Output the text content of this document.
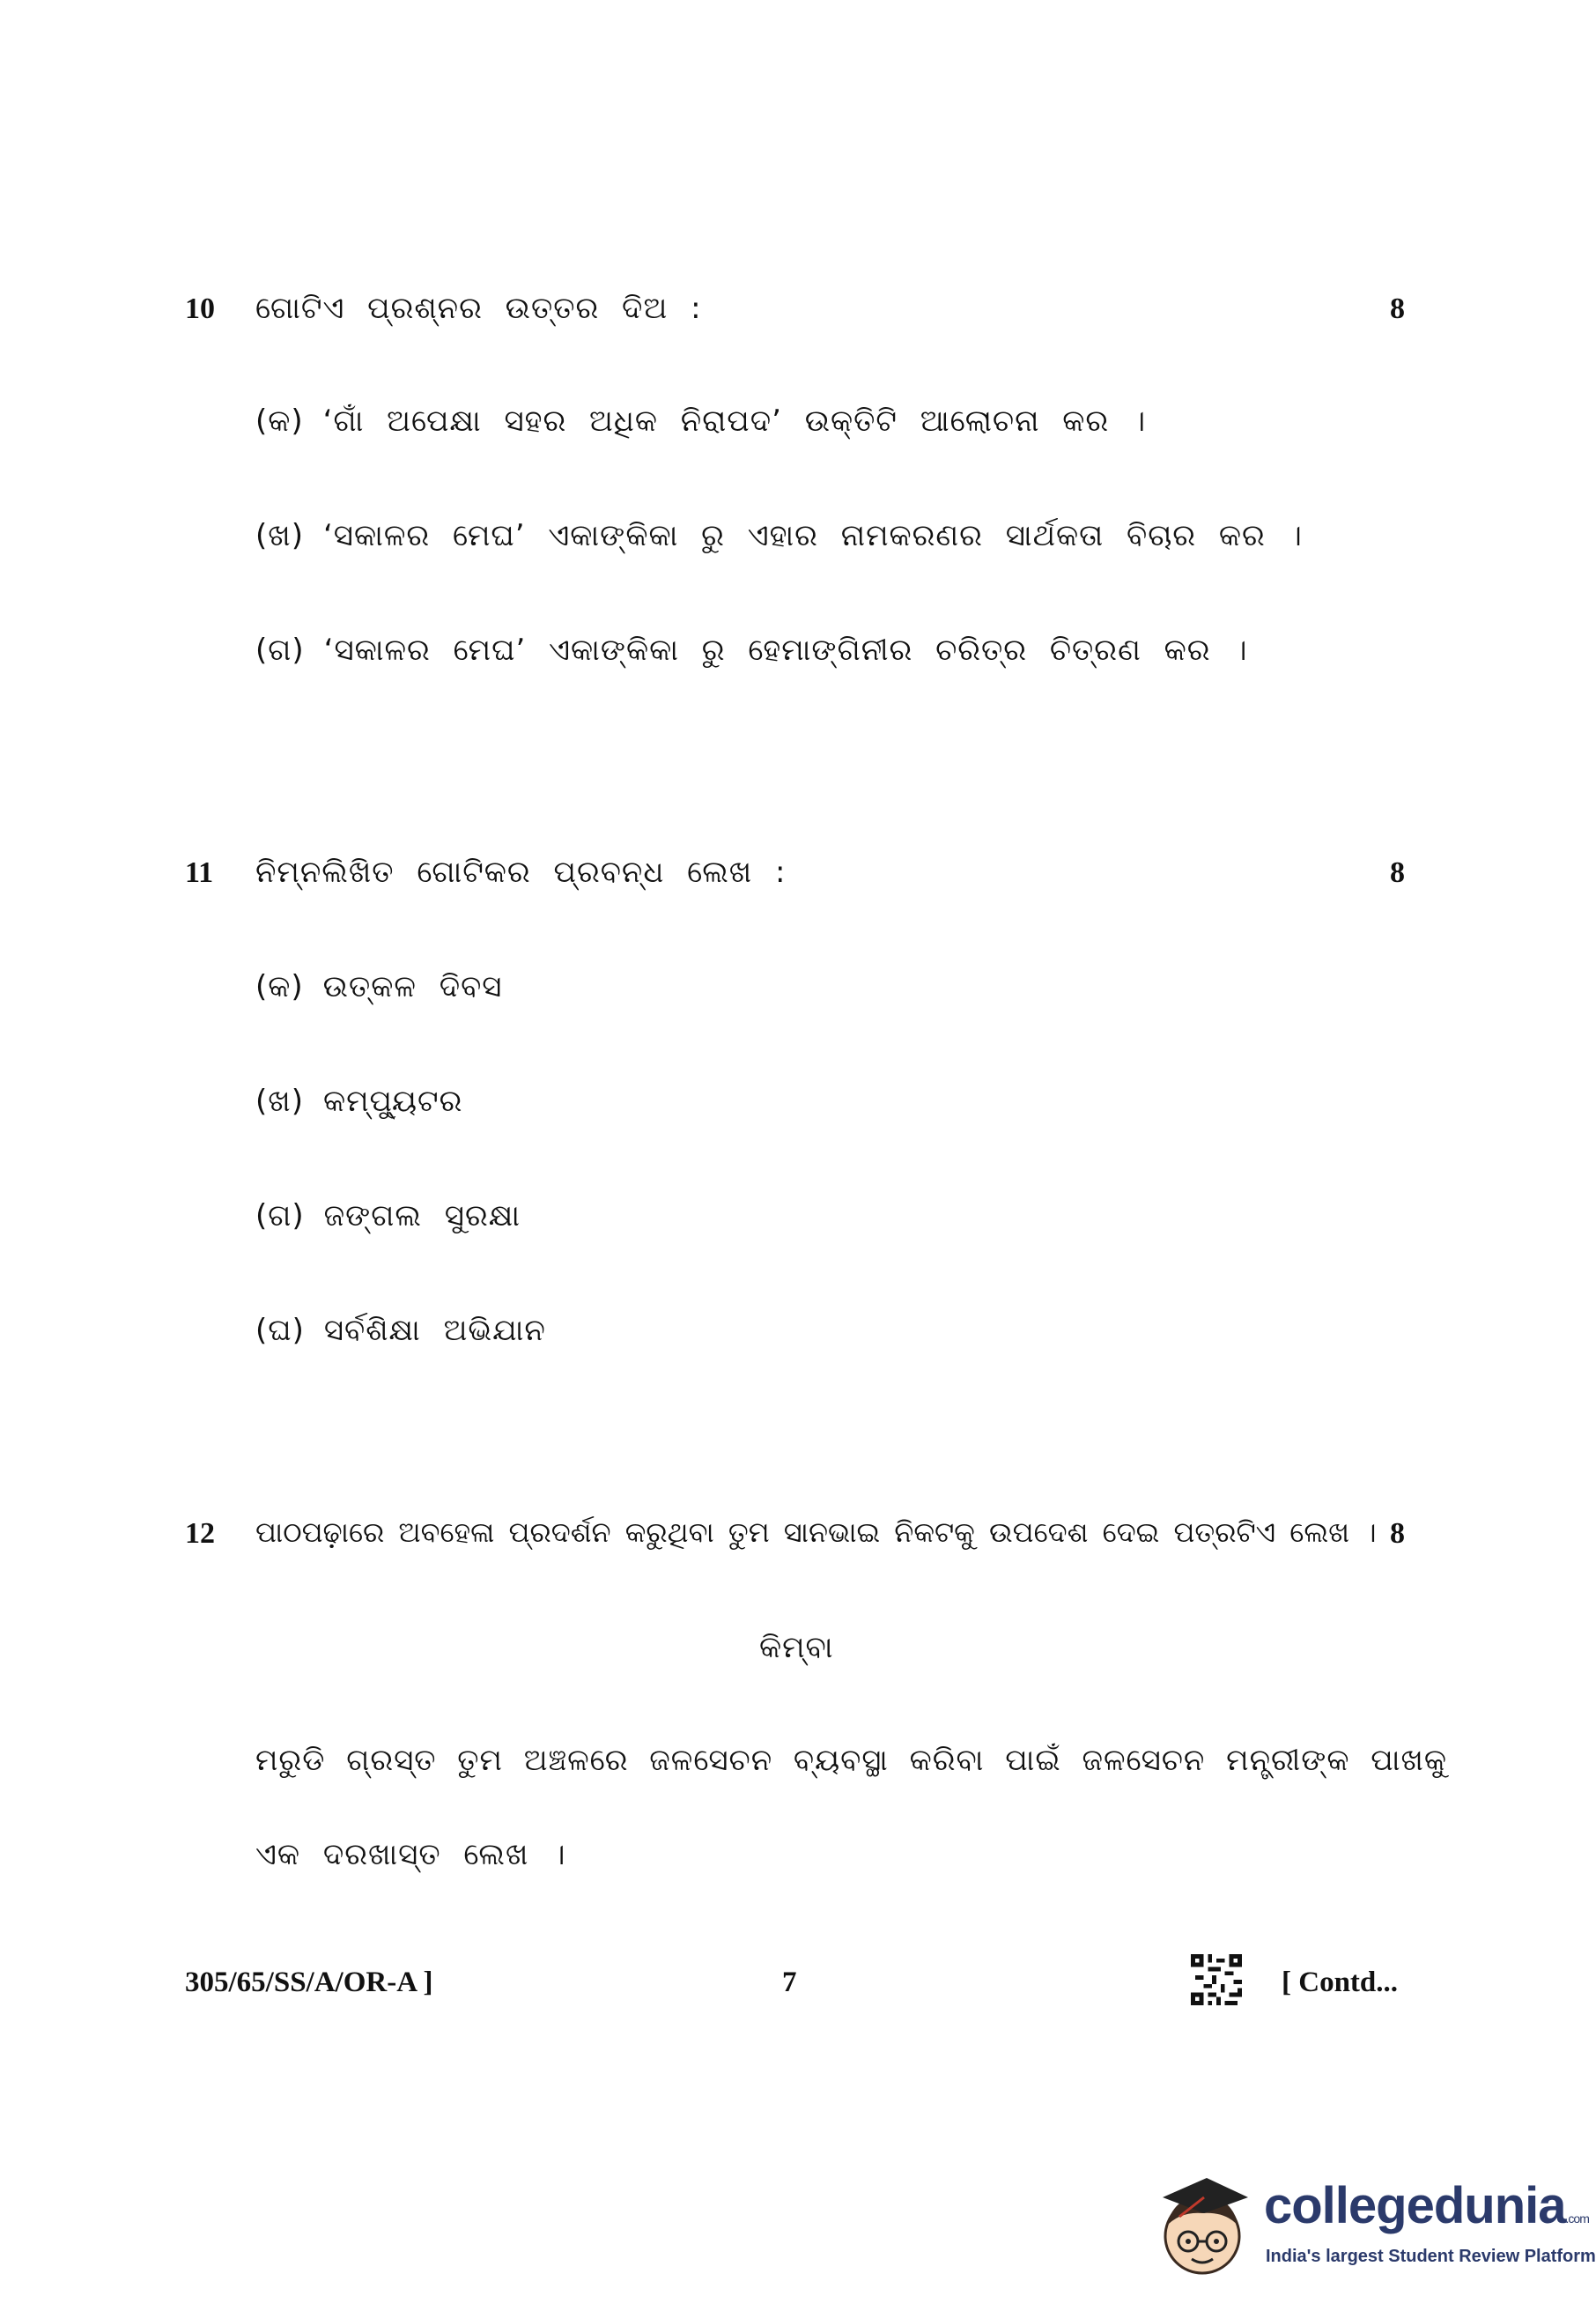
10 ଗୋଟିଏ ପ୍ରଶ୍ନର ଉତ୍ତର ଦିଅ :	8
(କ) ‘ଗାଁ ଅପେକ୍ଷା ସହର ଅଧିକ ନିରାପଦ’ ଉକ୍ତିଟି ଆଲୋଚନା କର ।
(ଖ) ‘ସକାଳର ମେଘ’ ଏକାଙ୍କିକା ରୁ ଏହାର ନାମକରଣର ସାର୍ଥକତା ବିଚାର କର ।
(ଗ) ‘ସକାଳର ମେଘ’ ଏକାଙ୍କିକା ରୁ ହେମାଙ୍ଗିନୀର ଚରିତ୍ର ଚିତ୍ରଣ କର ।
11 ନିମ୍ନଲିଖିତ ଗୋଟିକର ପ୍ରବନ୍ଧ ଲେଖ :	8
(କ) ଉତ୍କଳ ଦିବସ
(ଖ) କମ୍ପ୍ୟୁଟର
(ଗ) ଜଙ୍ଗଲ ସୁରକ୍ଷା
(ଘ) ସର୍ବଶିକ୍ଷା ଅଭିଯାନ
12 ପାଠପଢ଼ାରେ ଅବହେଳା ପ୍ରଦର୍ଶନ କରୁଥିବା ତୁମ ସାନଭାଇ ନିକଟକୁ ଉପଦେଶ ଦେଇ ପତ୍ରଟିଏ ଲେଖ । 8
କିମ୍ବା
ମରୁଡି ଗ୍ରସ୍ତ ତୁମ ଅଞ୍ଚଳରେ ଜଳସେଚନ ବ୍ୟବସ୍ଥା କରିବା ପାଇଁ ଜଳସେଚନ ମନ୍ତ୍ରୀଙ୍କ ପାଖକୁ
ଏକ ଦରଖାସ୍ତ ଲେଖ ।
305/65/SS/A/OR-A ]	7	[ Contd...
collegedunia.com
India's largest Student Review Platform
